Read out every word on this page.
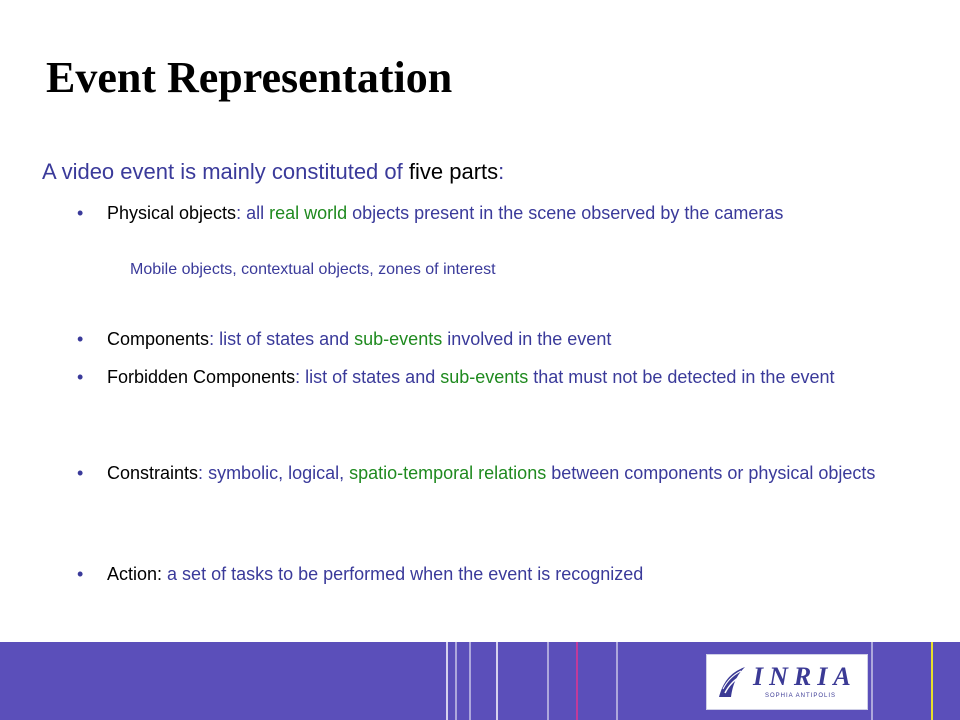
Event Representation
A video event is mainly constituted of five parts:
• Physical objects: all real world objects present in the scene observed by the cameras
Mobile objects, contextual objects, zones of interest
• Components: list of states and sub-events involved in the event
• Forbidden Components: list of states and sub-events that must not be detected in the event
• Constraints: symbolic, logical, spatio-temporal relations between components or physical objects
• Action: a set of tasks to be performed when the event is recognized
INRIA
SOPHIA ANTIPOLIS
